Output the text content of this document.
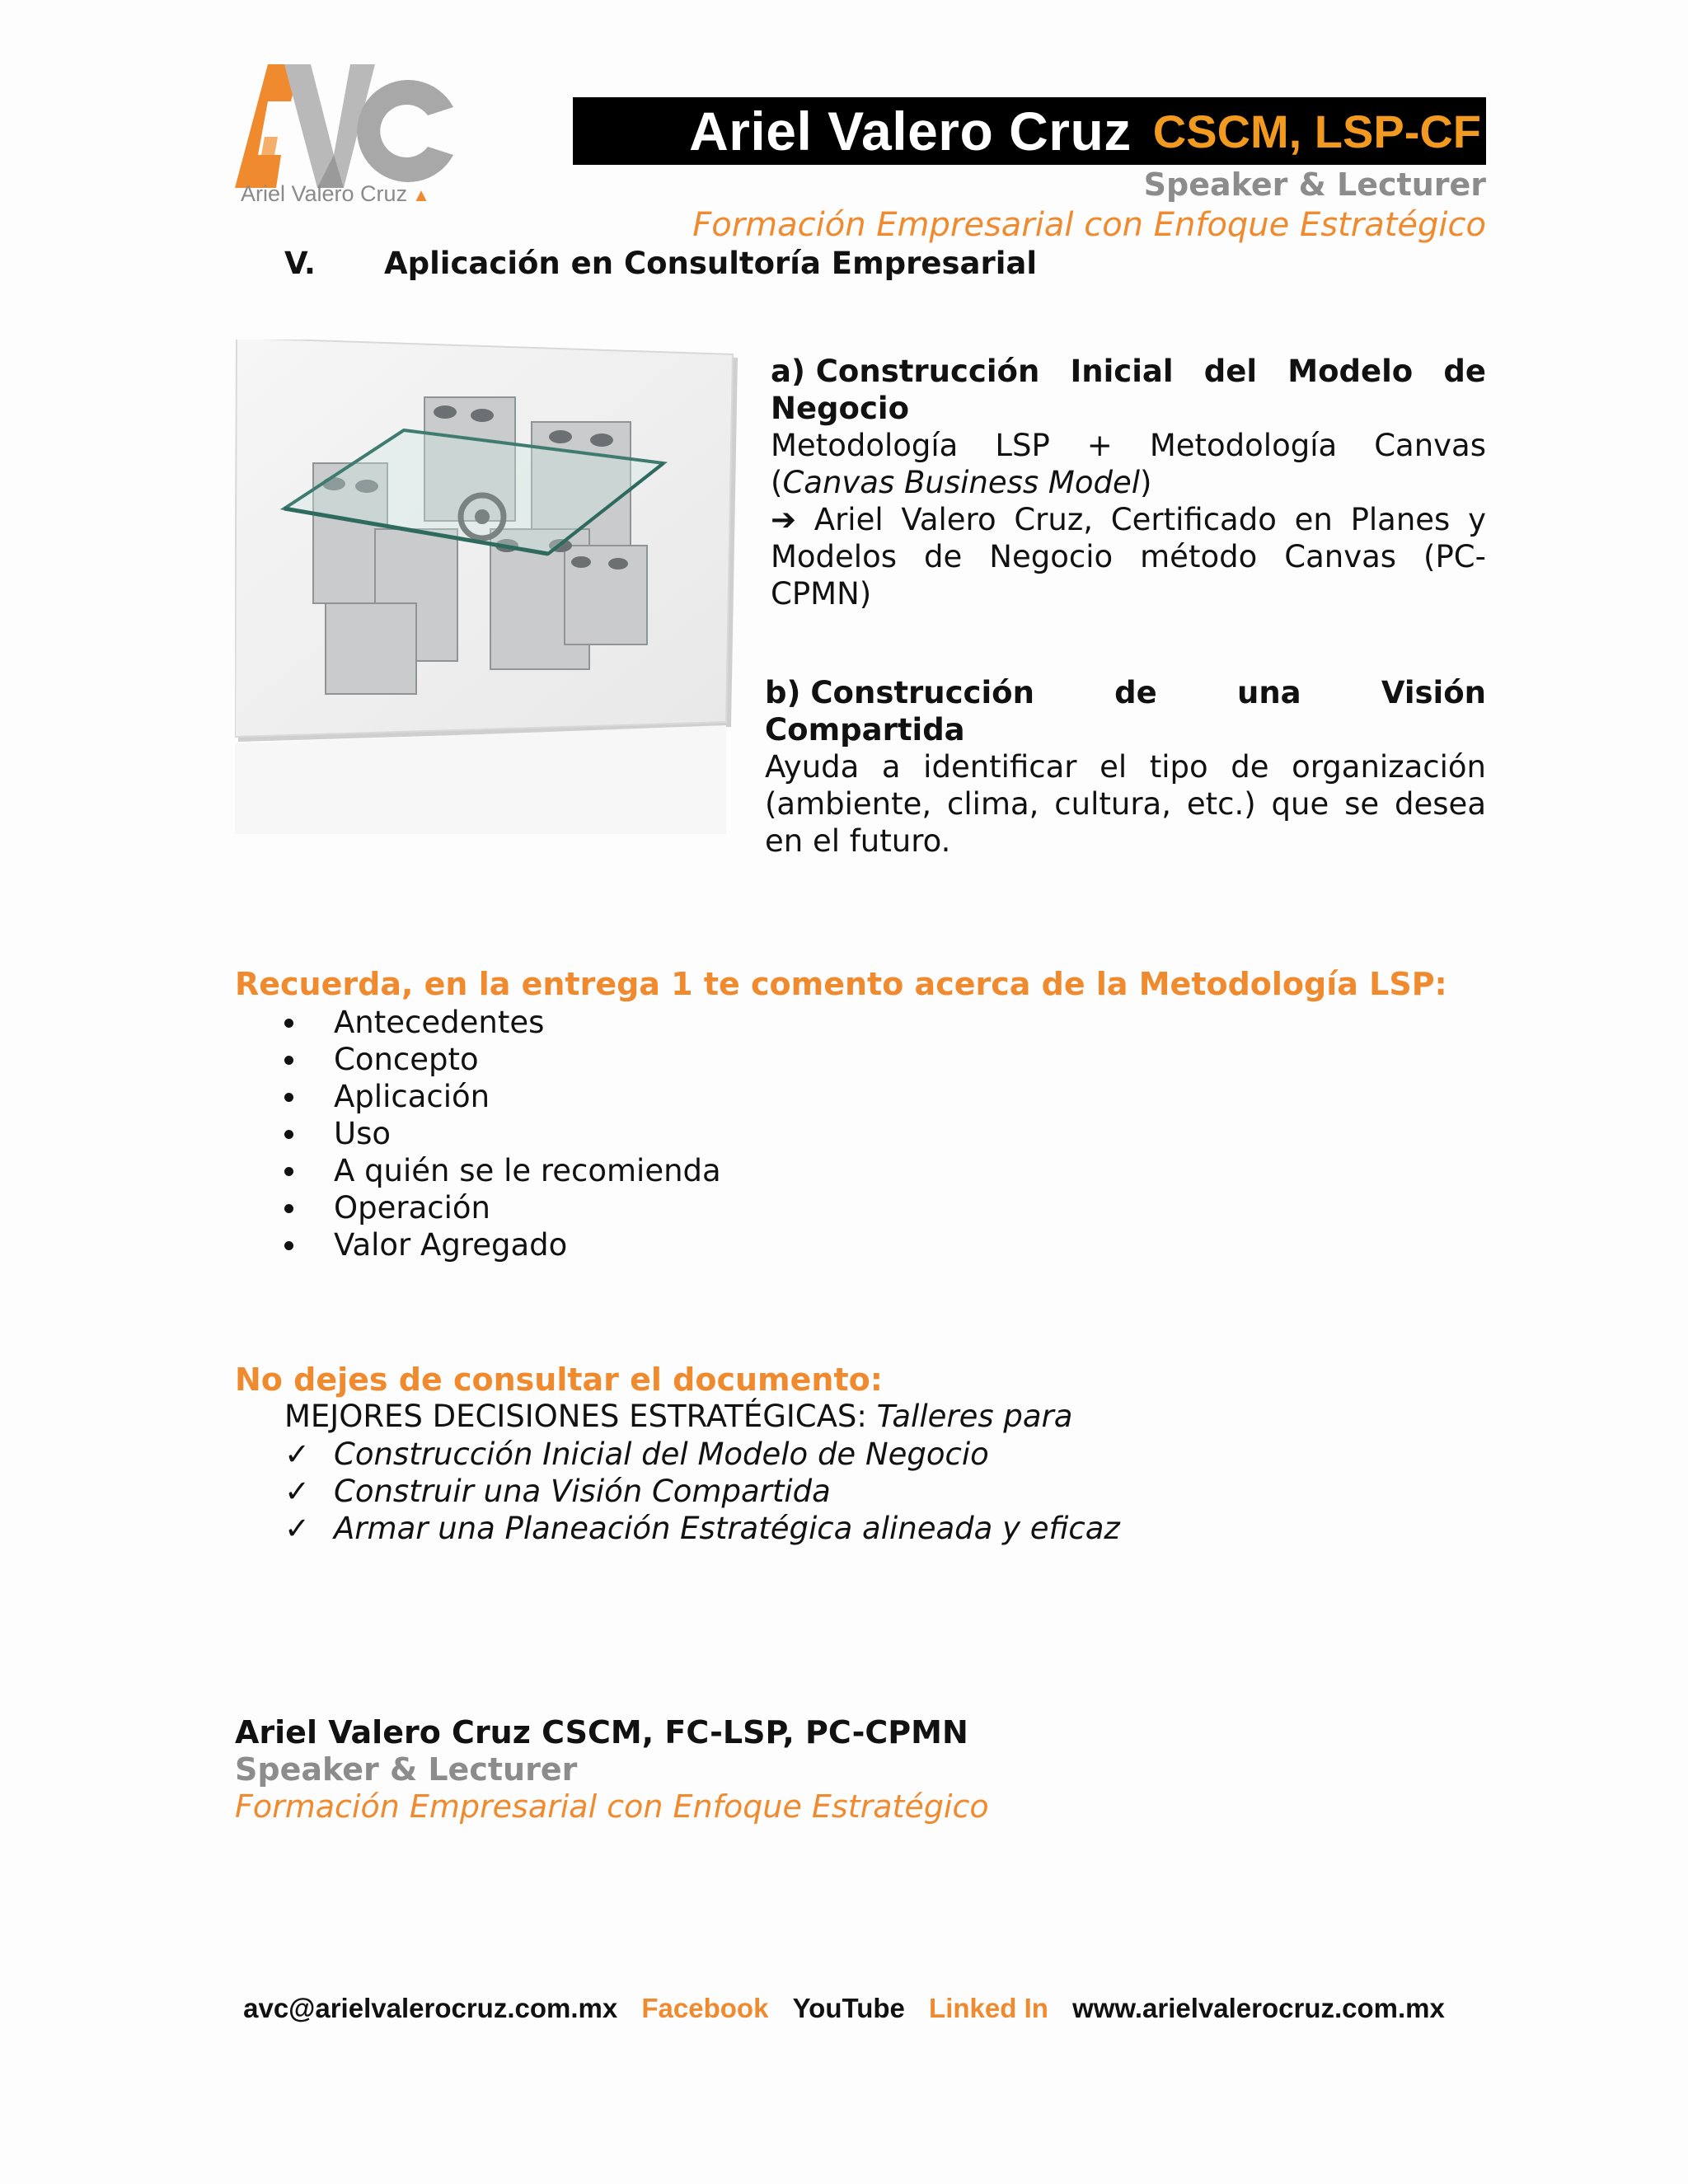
Ariel Valero Cruz ▲
Ariel Valero Cruz CSCM, LSP-CF
Speaker & Lecturer
Formación Empresarial con Enfoque Estratégico
V. Aplicación en Consultoría Empresarial
a) Construcción Inicial del Modelo de
Negocio
Metodología LSP + Metodología Canvas
(Canvas Business Model)
➔ Ariel Valero Cruz, Certificado en Planes y Modelos de Negocio método Canvas (PC-CPMN)
b) Construcción de una Visión Compartida
Ayuda a identificar el tipo de organización (ambiente, clima, cultura, etc.) que se desea en el futuro.
Recuerda, en la entrega 1 te comento acerca de la Metodología LSP:
Antecedentes
Concepto
Aplicación
Uso
A quién se le recomienda
Operación
Valor Agregado
No dejes de consultar el documento:
MEJORES DECISIONES ESTRATÉGICAS: Talleres para
✓ Construcción Inicial del Modelo de Negocio
✓ Construir una Visión Compartida
✓ Armar una Planeación Estratégica alineada y eficaz
Ariel Valero Cruz CSCM, FC-LSP, PC-CPMN
Speaker & Lecturer
Formación Empresarial con Enfoque Estratégico
avc@arielvalerocruz.com.mx Facebook YouTube Linked In www.arielvalerocruz.com.mx
